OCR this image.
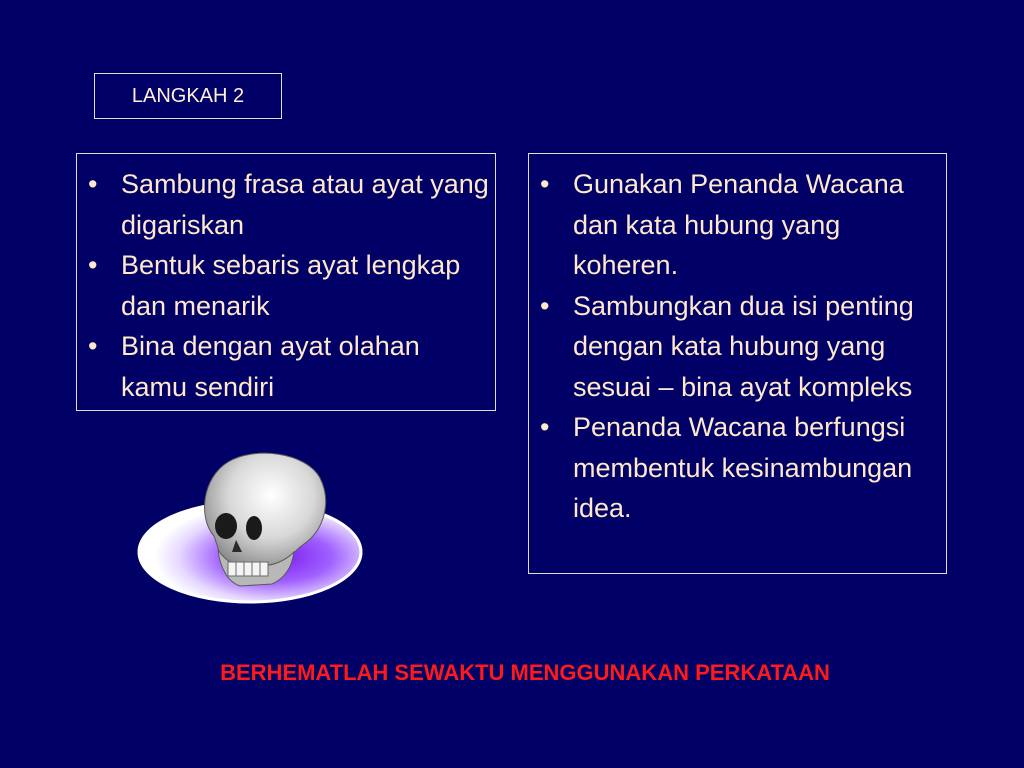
LANGKAH 2
• Sambung frasa atau ayat yang digariskan
• Bentuk sebaris ayat lengkap dan menarik
• Bina dengan ayat olahan kamu sendiri
• Gunakan Penanda Wacana dan kata hubung yang koheren.
• Sambungkan dua isi penting dengan kata hubung yang sesuai – bina ayat kompleks
• Penanda Wacana berfungsi membentuk kesinambungan idea.
BERHEMATLAH SEWAKTU MENGGUNAKAN PERKATAAN
